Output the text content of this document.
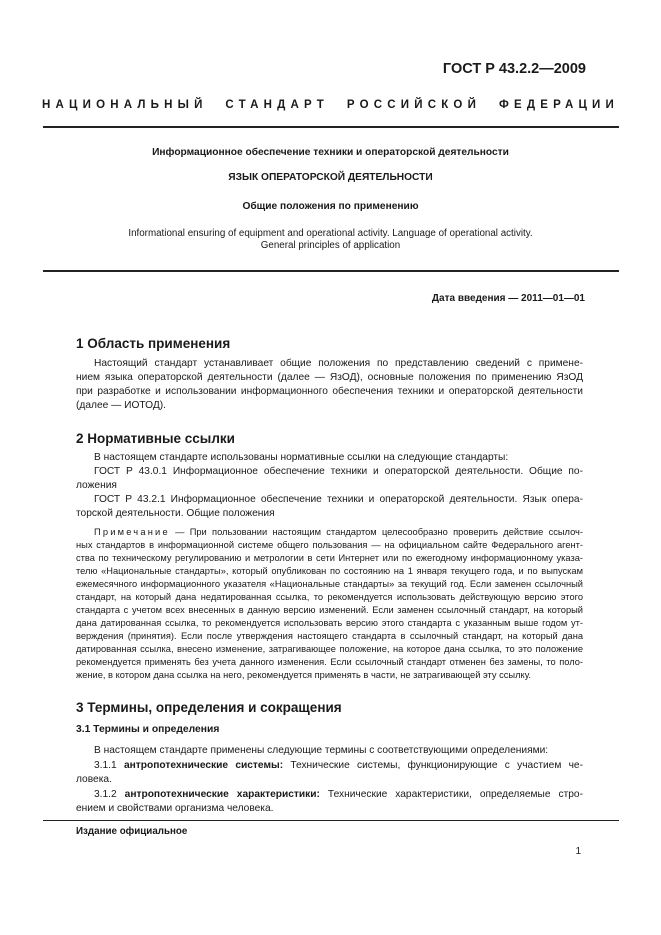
ГОСТ Р 43.2.2—2009
НАЦИОНАЛЬНЫЙ СТАНДАРТ РОССИЙСКОЙ ФЕДЕРАЦИИ
Информационное обеспечение техники и операторской деятельности
ЯЗЫК ОПЕРАТОРСКОЙ ДЕЯТЕЛЬНОСТИ
Общие положения по применению
Informational ensuring of equipment and operational activity. Language of operational activity.
General principles of application
Дата введения — 2011—01—01
1 Область применения
Настоящий стандарт устанавливает общие положения по представлению сведений с примене-
нием языка операторской деятельности (далее — ЯзОД), основные положения по применению ЯзОД
при разработке и использовании информационного обеспечения техники и операторской деятельности
(далее — ИОТОД).
2 Нормативные ссылки
В настоящем стандарте использованы нормативные ссылки на следующие стандарты:
ГОСТ Р 43.0.1 Информационное обеспечение техники и операторской деятельности. Общие по-
ложения
ГОСТ Р 43.2.1 Информационное обеспечение техники и операторской деятельности. Язык опера-
торской деятельности. Общие положения
Примечание — При пользовании настоящим стандартом целесообразно проверить действие ссылоч-
ных стандартов в информационной системе общего пользования — на официальном сайте Федерального агент-
ства по техническому регулированию и метрологии в сети Интернет или по ежегодному информационному указа-
телю «Национальные стандарты», который опубликован по состоянию на 1 января текущего года, и по выпускам
ежемесячного информационного указателя «Национальные стандарты» за текущий год. Если заменен ссылочный
стандарт, на который дана недатированная ссылка, то рекомендуется использовать действующую версию этого
стандарта с учетом всех внесенных в данную версию изменений. Если заменен ссылочный стандарт, на который
дана датированная ссылка, то рекомендуется использовать версию этого стандарта с указанным выше годом ут-
верждения (принятия). Если после утверждения настоящего стандарта в ссылочный стандарт, на который дана
датированная ссылка, внесено изменение, затрагивающее положение, на которое дана ссылка, то это положение
рекомендуется применять без учета данного изменения. Если ссылочный стандарт отменен без замены, то поло-
жение, в котором дана ссылка на него, рекомендуется применять в части, не затрагивающей эту ссылку.
3 Термины, определения и сокращения
3.1 Термины и определения
В настоящем стандарте применены следующие термины с соответствующими определениями:
3.1.1 антропотехнические системы: Технические системы, функционирующие с участием че-
ловека.
3.1.2 антропотехнические характеристики: Технические характеристики, определяемые стро-
ением и свойствами организма человека.
Издание официальное
1
